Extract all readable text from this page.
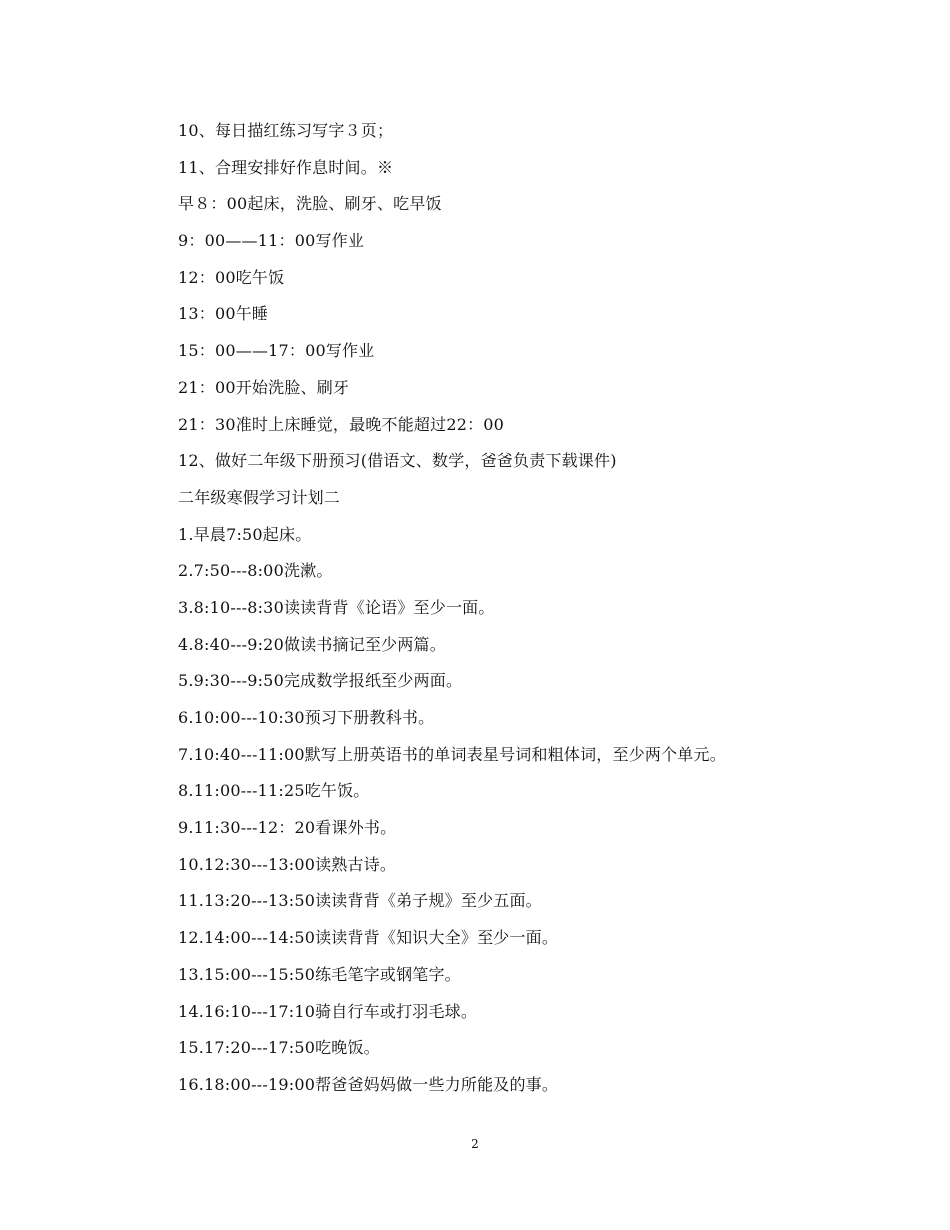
10、每日描红练习写字３页；
11、合理安排好作息时间。※
早８：00起床，洗脸、刷牙、吃早饭
9：00——11：00写作业
12：00吃午饭
13：00午睡
15：00——17：00写作业
21：00开始洗脸、刷牙
21：30准时上床睡觉，最晚不能超过22：00
12、做好二年级下册预习(借语文、数学，爸爸负责下载课件)
二年级寒假学习计划二
1.早晨7:50起床。
2.7:50---8:00洗漱。
3.8:10---8:30读读背背《论语》至少一面。
4.8:40---9:20做读书摘记至少两篇。
5.9:30---9:50完成数学报纸至少两面。
6.10:00---10:30预习下册教科书。
7.10:40---11:00默写上册英语书的单词表星号词和粗体词，至少两个单元。
8.11:00---11:25吃午饭。
9.11:30---12：20看课外书。
10.12:30---13:00读熟古诗。
11.13:20---13:50读读背背《弟子规》至少五面。
12.14:00---14:50读读背背《知识大全》至少一面。
13.15:00---15:50练毛笔字或钢笔字。
14.16:10---17:10骑自行车或打羽毛球。
15.17:20---17:50吃晚饭。
16.18:00---19:00帮爸爸妈妈做一些力所能及的事。
2
